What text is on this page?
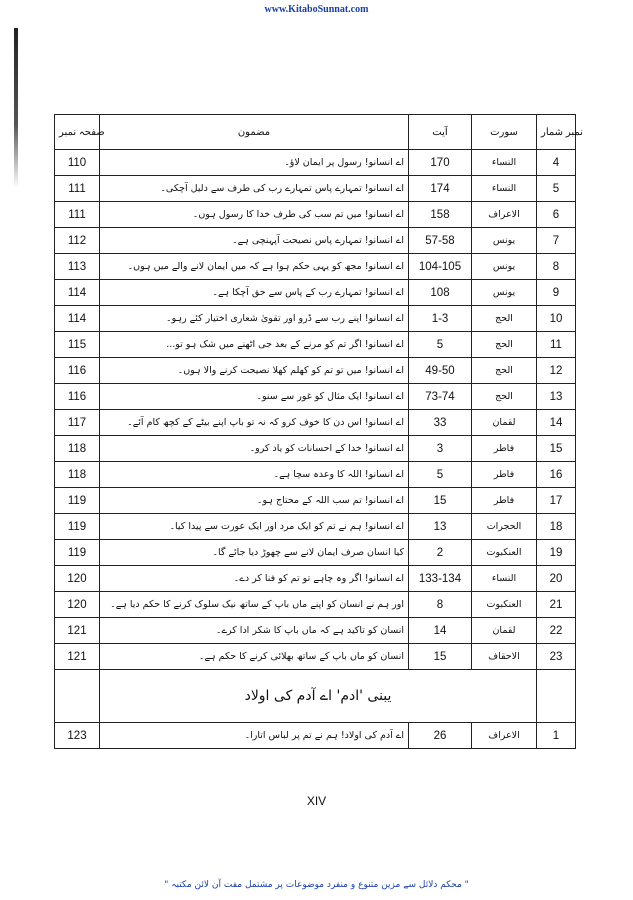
www.KitaboSunnat.com
صفحہ نمبر	مضمون	آیت	سورت	نمبر شمار
110	اے انسانو! رسول پر ایمان لاؤ۔	170	النساء	4
111	اے انسانو! تمہارے پاس تمہارے رب کی طرف سے دلیل آچکی۔	174	النساء	5
111	اے انسانو! میں تم سب کی طرف خدا کا رسول ہوں۔	158	الاعراف	6
112	اے انسانو! تمہارے پاس نصیحت آپہنچی ہے۔	57-58	یونس	7
113	اے انسانو! مجھ کو یہی حکم ہوا ہے کہ میں ایمان لانے والے میں ہوں۔	104-105	یونس	8
114	اے انسانو! تمہارے رب کے پاس سے حق آچکا ہے۔	108	یونس	9
114	اے انسانو! اپنے رب سے ڈرو اور تقویٰ شعاری اختیار کئے رہو۔	1-3	الحج	10
115	اے انسانو! اگر تم کو مرنے کے بعد جی اٹھنے میں شک ہو تو...	5	الحج	11
116	اے انسانو! میں تو تم کو کھلم کھلا نصیحت کرنے والا ہوں۔	49-50	الحج	12
116	اے انسانو! ایک مثال کو غور سے سنو۔	73-74	الحج	13
117	اے انسانو! اس دن کا خوف کرو کہ نہ تو باپ اپنے بیٹے کے کچھ کام آئے۔	33	لقمان	14
118	اے انسانو! خدا کے احسانات کو یاد کرو۔	3	فاطر	15
118	اے انسانو! اللہ کا وعدہ سچا ہے۔	5	فاطر	16
119	اے انسانو! تم سب اللہ کے محتاج ہو۔	15	فاطر	17
119	اے انسانو! ہم نے تم کو ایک مرد اور ایک عورت سے پیدا کیا۔	13	الحجرات	18
119	کیا انسان صرف ایمان لانے سے چھوڑ دیا جائے گا۔	2	العنکبوت	19
120	اے انسانو! اگر وہ چاہے تو تم کو فنا کر دے۔	133-134	النساء	20
120	اور ہم نے انسان کو اپنے ماں باپ کے ساتھ نیک سلوک کرنے کا حکم دیا ہے۔	8	العنکبوت	21
121	انسان کو تاکید ہے کہ ماں باپ کا شکر ادا کرے۔	14	لقمان	22
121	انسان کو ماں باپ کے ساتھ بھلائی کرنے کا حکم ہے۔	15	الاحقاف	23
	یبنی 'ادم' اے آدم کی اولاد			
123	اے آدم کی اولاد! ہم نے تم پر لباس اتارا۔	26	الاعراف	1
XIV
" محکم دلائل سے مزین متنوع و منفرد موضوعات پر مشتمل مفت آن لائن مکتبہ "
